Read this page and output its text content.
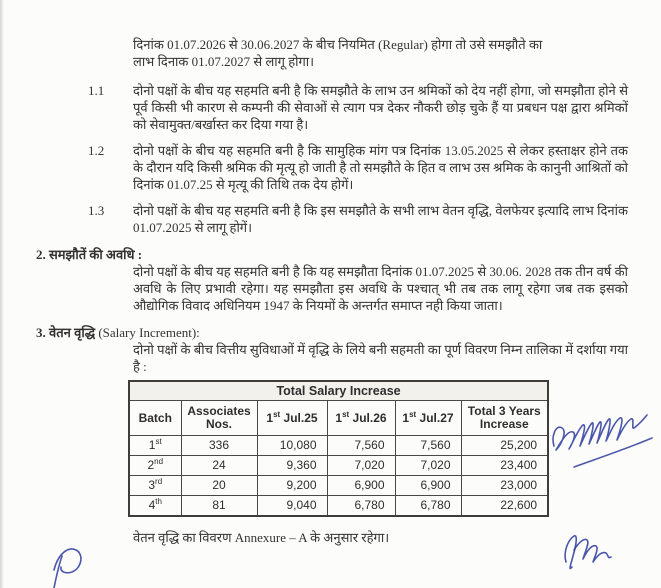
दिनांक 01.07.2026 से 30.06.2027 के बीच नियमित (Regular) होगा तो उसे समझौते का
लाभ दिनाक 01.07.2027 से लागू होगा।
1.1	दोनो पक्षों के बीच यह सहमति बनी है कि समझौते के लाभ उन श्रमिकों को देय नहीं होगा, जो समझौता होने से पूर्व किसी भी कारण से कम्पनी की सेवाओं से त्याग पत्र देकर नौकरी छोड़ चुके हैं या प्रबधन पक्ष द्वारा श्रमिकों को सेवामुक्त/बर्खास्त कर दिया गया है।
1.2	दोनो पक्षों के बीच यह सहमति बनी है कि सामुहिक मांग पत्र दिनांक 13.05.2025 से लेकर हस्ताक्षर होने तक के दौरान यदि किसी श्रमिक की मृत्यू हो जाती है तो समझौते के हित व लाभ उस श्रमिक के कानुनी आश्रितों को दिनांक 01.07.25 से मृत्यू की तिथि तक देय होगें।
1.3	दोनो पक्षों के बीच यह सहमति बनी है कि इस समझौते के सभी लाभ वेतन वृद्धि, वेलफेयर इत्यादि लाभ दिनांक 01.07.2025 से लागू होगें।
2. समझौतें की अवधि :
दोनो पक्षों के बीच यह सहमति बनी है कि यह समझौता दिनांक 01.07.2025 से 30.06. 2028 तक तीन वर्ष की अवधि के लिए प्रभावी रहेगा। यह समझौता इस अवधि के पश्चात् भी तब तक लागू रहेगा जब तक इसको औद्योगिक विवाद अधिनियम 1947 के नियमों के अन्तर्गत समाप्त नही किया जाता।
3. वेतन वृद्धि (Salary Increment):
दोनो पक्षों के बीच वित्तीय सुविधाओं में वृद्धि के लिये बनी सहमती का पूर्ण विवरण निम्न तालिका में दर्शाया गया है :
Total Salary Increase					
Batch	Associates Nos.	1st Jul.25	1st Jul.26	1st Jul.27	Total 3 Years Increase
1st	336	10,080	7,560	7,560	25,200
2nd	24	9,360	7,020	7,020	23,400
3rd	20	9,200	6,900	6,900	23,000
4th	81	9,040	6,780	6,780	22,600
वेतन वृद्धि का विवरण Annexure – A के अनुसार रहेगा।
